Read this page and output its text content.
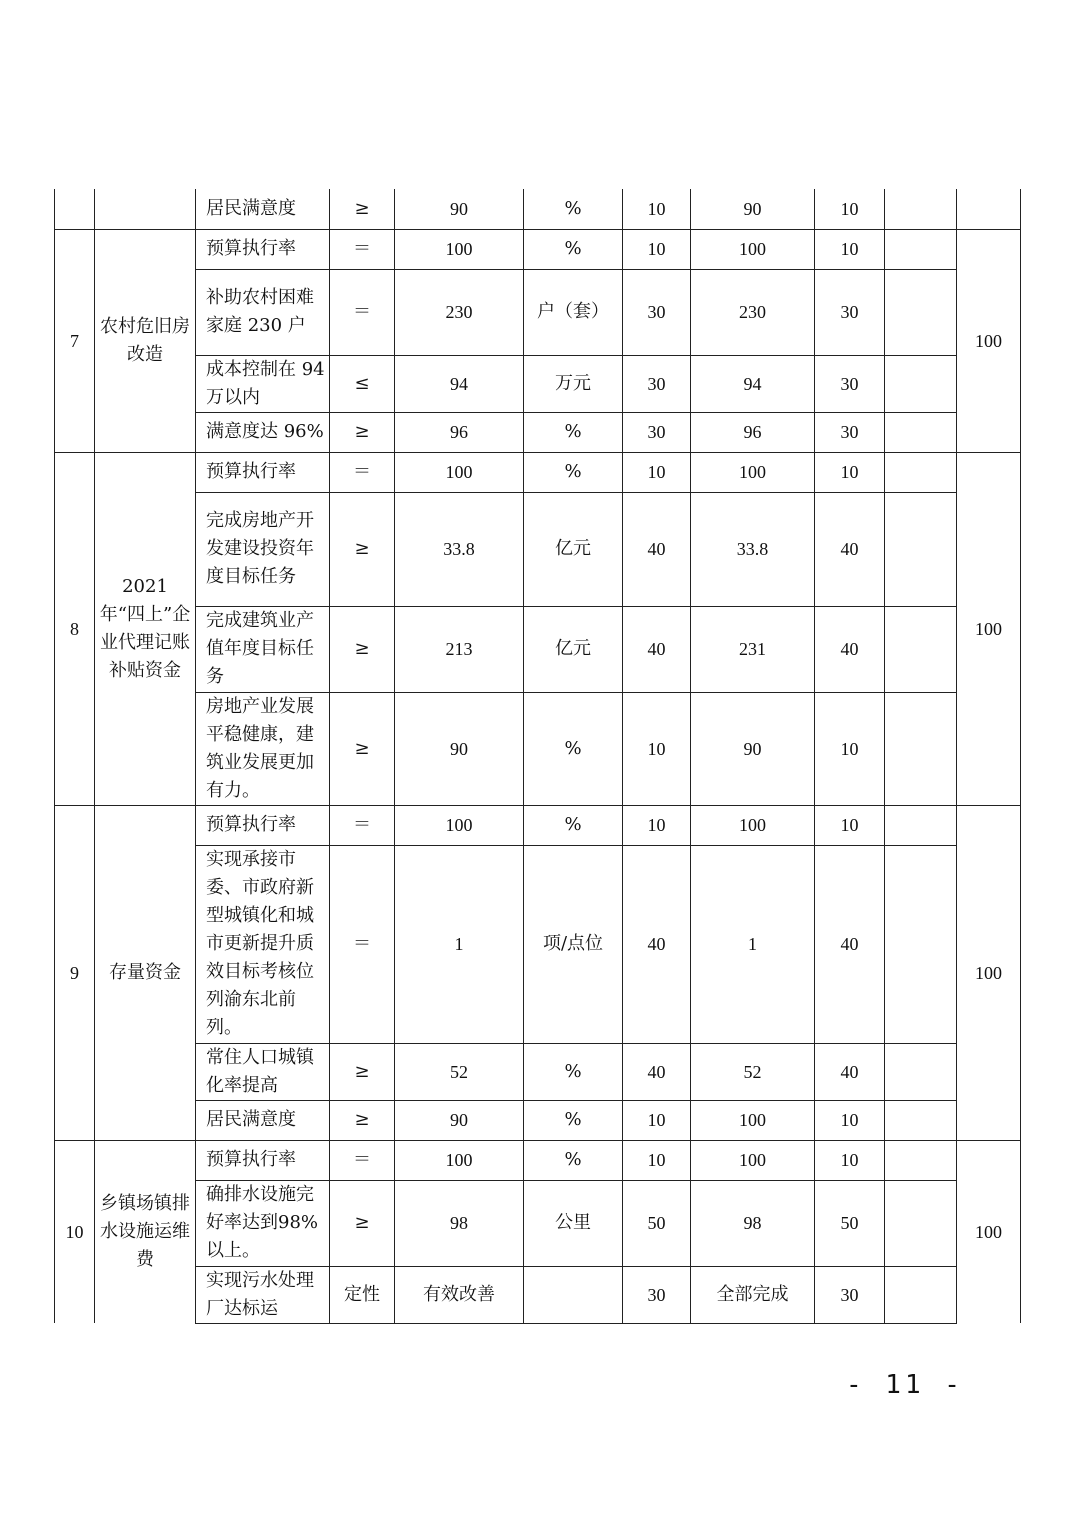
		居民满意度	≥	90	%	10	90	10		
7	农村危旧房改造	预算执行率	＝	100	%	10	100	10		100
		补助农村困难家庭 230 户	＝	230	户（套）	30	230	30		
		成本控制在 94 万以内	≤	94	万元	30	94	30		
		满意度达 96%	≥	96	%	30	96	30		
8	2021 年“四上”企业代理记账补贴资金	预算执行率	＝	100	%	10	100	10		100
		完成房地产开发建设投资年度目标任务	≥	33.8	亿元	40	33.8	40		
		完成建筑业产值年度目标任务	≥	213	亿元	40	231	40		
		房地产业发展平稳健康，建筑业发展更加有力。	≥	90	%	10	90	10		
9	存量资金	预算执行率	＝	100	%	10	100	10		100
		实现承接市委、市政府新型城镇化和城市更新提升质效目标考核位列渝东北前列。	＝	1	项/点位	40	1	40		
		常住人口城镇化率提高	≥	52	%	40	52	40		
		居民满意度	≥	90	%	10	100	10		
10	乡镇场镇排水设施运维费	预算执行率	＝	100	%	10	100	10		100
		确排水设施完好率达到98%以上。	≥	98	公里	50	98	50		
		实现污水处理厂达标运	定性	有效改善		30	全部完成	30		
- 11 -
